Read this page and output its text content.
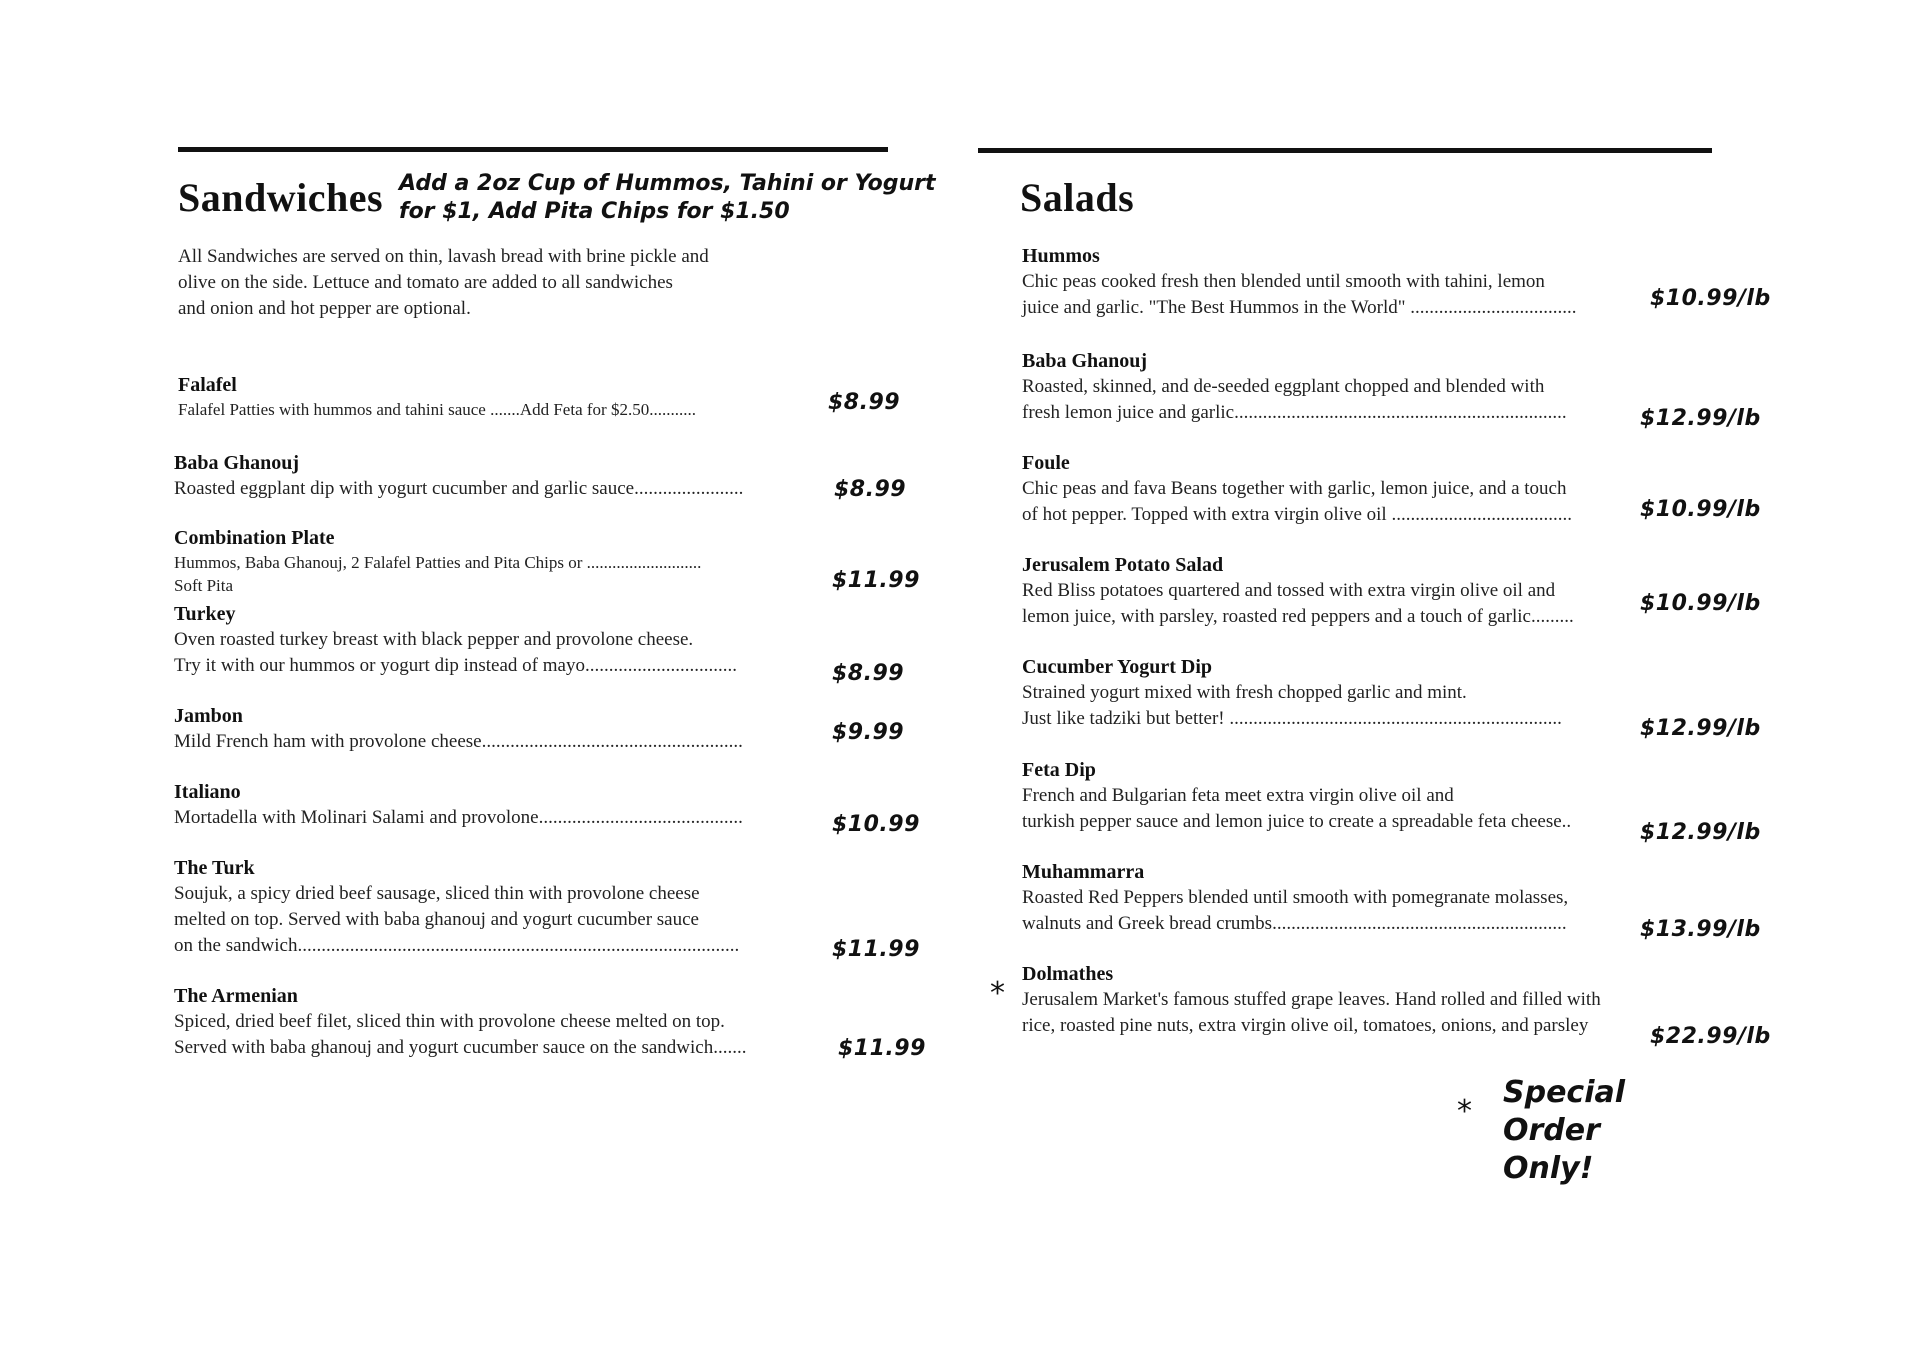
Sandwiches Add a 2oz Cup of Hummos, Tahini or Yogurt for $1, Add Pita Chips for $1.50
All Sandwiches are served on thin, lavash bread with brine pickle and
olive on the side. Lettuce and tomato are added to all sandwiches
and onion and hot pepper are optional.
Falafel
Falafel Patties with hummos and tahini sauce .......Add Feta for $2.50...........	$8.99
Baba Ghanouj
Roasted eggplant dip with yogurt cucumber and garlic sauce.......................	$8.99
Combination Plate
Hummos, Baba Ghanouj, 2 Falafel Patties and Pita Chips or ...........................
Soft Pita	$11.99
Turkey
Oven roasted turkey breast with black pepper and provolone cheese.
Try it with our hummos or yogurt dip instead of mayo................................	$8.99
Jambon
Mild French ham with provolone cheese.......................................................	$9.99
Italiano
Mortadella with Molinari Salami and provolone...........................................	$10.99
The Turk
Soujuk, a spicy dried beef sausage, sliced thin with provolone cheese
melted on top. Served with baba ghanouj and yogurt cucumber sauce
on the sandwich.............................................................................................	$11.99
The Armenian
Spiced, dried beef filet, sliced thin with provolone cheese melted on top.
Served with baba ghanouj and yogurt cucumber sauce on the sandwich.......	$11.99
Salads
Hummos
Chic peas cooked fresh then blended until smooth with tahini, lemon
juice and garlic. "The Best Hummos in the World" ...................................	$10.99/lb
Baba Ghanouj
Roasted, skinned, and de-seeded eggplant chopped and blended with
fresh lemon juice and garlic......................................................................	$12.99/lb
Foule
Chic peas and fava Beans together with garlic, lemon juice, and a touch
of hot pepper. Topped with extra virgin olive oil ......................................	$10.99/lb
Jerusalem Potato Salad
Red Bliss potatoes quartered and tossed with extra virgin olive oil and
lemon juice, with parsley, roasted red peppers and a touch of garlic.........
$10.99/lb
Cucumber Yogurt Dip
Strained yogurt mixed with fresh chopped garlic and mint.
Just like tadziki but better! ......................................................................	$12.99/lb
Feta Dip
French and Bulgarian feta meet extra virgin olive oil and
turkish pepper sauce and lemon juice to create a spreadable feta cheese..	$12.99/lb
Muhammarra
Roasted Red Peppers blended until smooth with pomegranate molasses,
walnuts and Greek bread crumbs..............................................................	$13.99/lb
*
Dolmathes
Jerusalem Market's famous stuffed grape leaves. Hand rolled and filled with
rice, roasted pine nuts, extra virgin olive oil, tomatoes, onions, and parsley	$22.99/lb
*
Special
Order
Only!
